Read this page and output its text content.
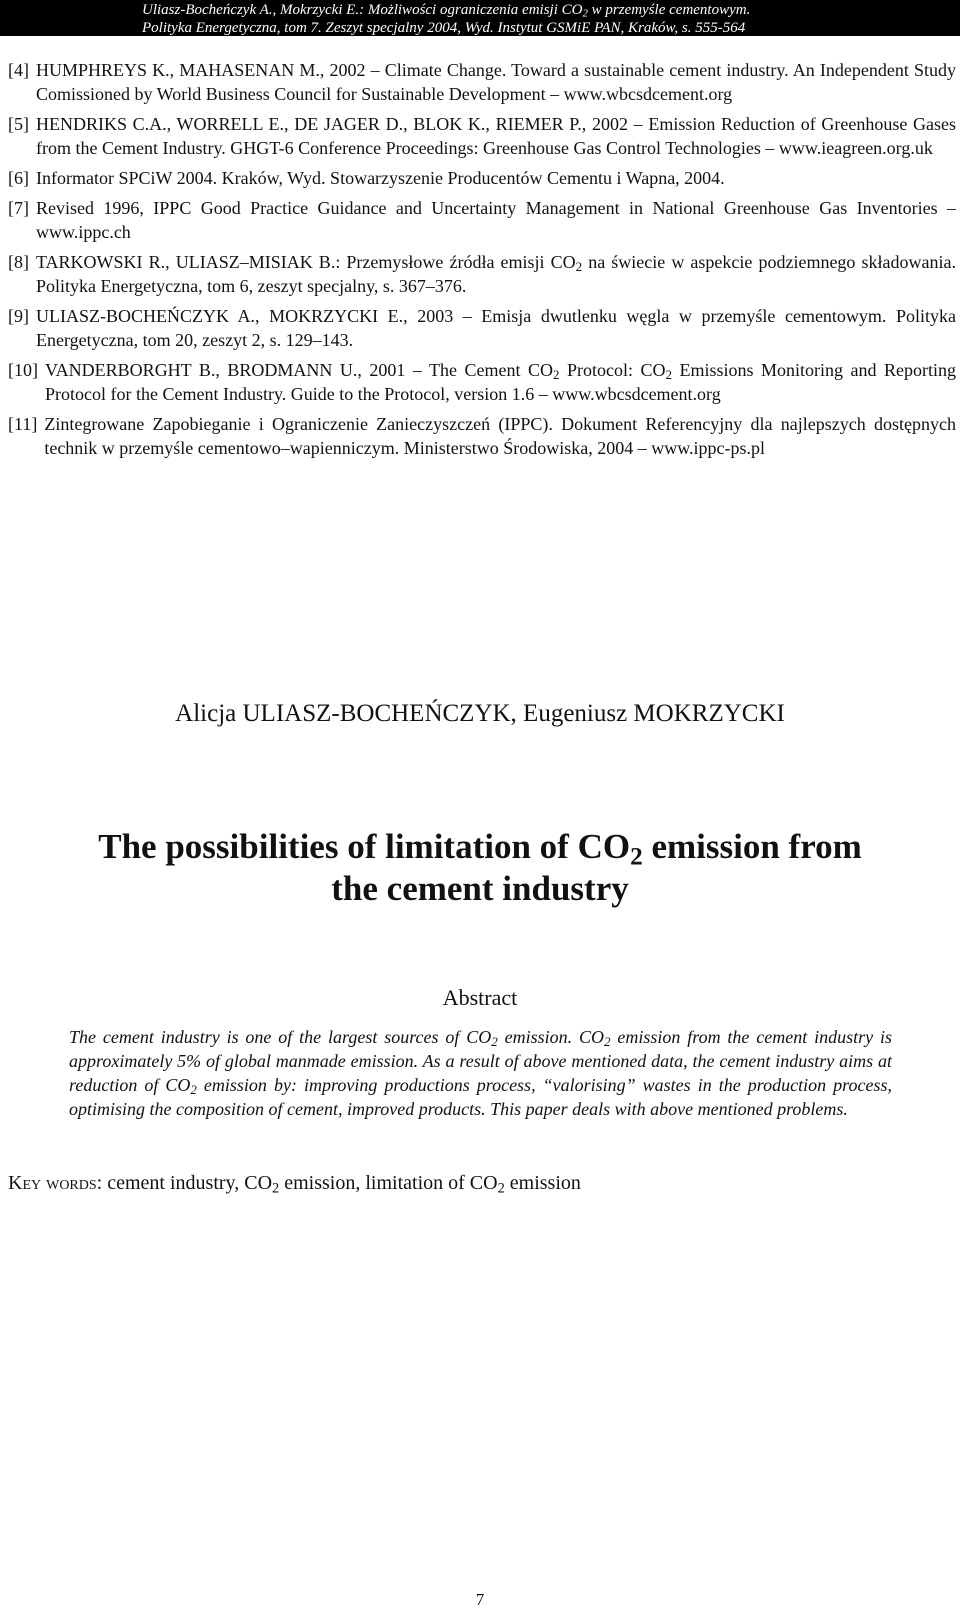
Uliasz-Bocheńczyk A., Mokrzycki E.: Możliwości ograniczenia emisji $CO_2$ w przemyśle cementowym.
Polityka Energetyczna, tom 7. Zeszyt specjalny 2004, Wyd. Instytut GSMiE PAN, Kraków, s. 555-564
[4] HUMPHREYS K., MAHASENAN M., 2002 – Climate Change. Toward a sustainable cement industry. An Independent Study Comissioned by World Business Council for Sustainable Development – www.wbcsdcement.org
[5] HENDRIKS C.A., WORRELL E., DE JAGER D., BLOK K., RIEMER P., 2002 – Emission Reduction of Greenhouse Gases from the Cement Industry. GHGT-6 Conference Proceedings: Greenhouse Gas Control Technologies – www.ieagreen.org.uk
[6] Informator SPCiW 2004. Kraków, Wyd. Stowarzyszenie Producentów Cementu i Wapna, 2004.
[7] Revised 1996, IPPC Good Practice Guidance and Uncertainty Management in National Greenhouse Gas Inventories – www.ippc.ch
[8] TARKOWSKI R., ULIASZ–MISIAK B.: Przemysłowe źródła emisji $CO_2$ na świecie w aspekcie podziemnego składowania. Polityka Energetyczna, tom 6, zeszyt specjalny, s. 367–376.
[9] ULIASZ-BOCHEŃCZYK A., MOKRZYCKI E., 2003 – Emisja dwutlenku węgla w przemyśle cementowym. Polityka Energetyczna, tom 20, zeszyt 2, s. 129–143.
[10] VANDERBORGHT B., BRODMANN U., 2001 – The Cement $CO_2$ Protocol: $CO_2$ Emissions Monitoring and Reporting Protocol for the Cement Industry. Guide to the Protocol, version 1.6 – www.wbcsdcement.org
[11] Zintegrowane Zapobieganie i Ograniczenie Zanieczyszczeń (IPPC). Dokument Referencyjny dla najlepszych dostępnych technik w przemyśle cementowo–wapienniczym. Ministerstwo Środowiska, 2004 – www.ippc-ps.pl
Alicja ULIASZ-BOCHEŃCZYK, Eugeniusz MOKRZYCKI
The possibilities of limitation of $CO_2$ emission from
the cement industry
Abstract
The cement industry is one of the largest sources of $CO_2$ emission. $CO_2$ emission from the cement industry is approximately 5% of global manmade emission. As a result of above mentioned data, the cement industry aims at reduction of $CO_2$ emission by: improving productions process, “valorising” wastes in the production process, optimising the composition of cement, improved products. This paper deals with above mentioned problems.
Key words: cement industry, $CO_2$ emission, limitation of $CO_2$ emission
7
